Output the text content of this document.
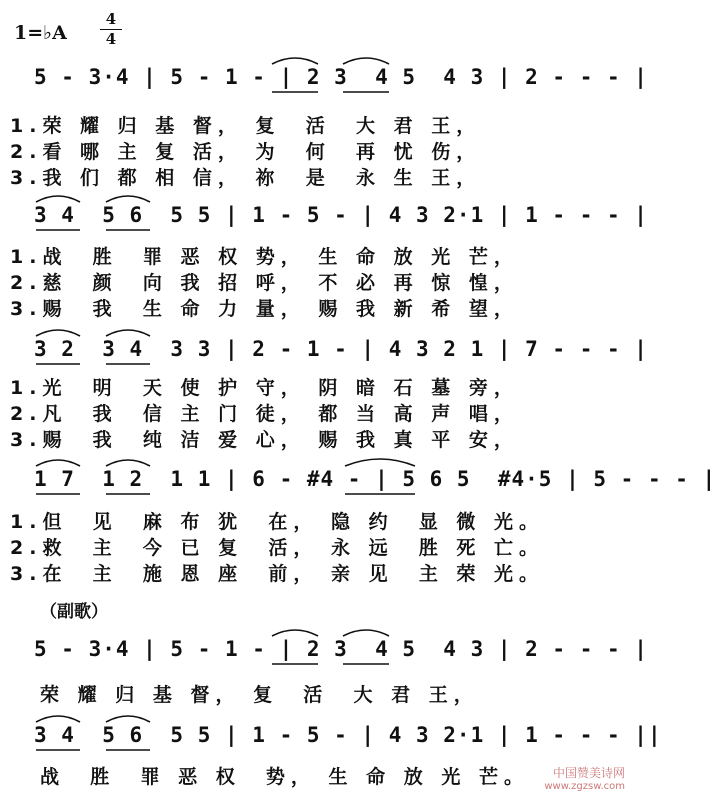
1=♭A
4
4
5 - 3·4 | 5 - 1 - | 2 3  4 5  4 3 | 2 - - - |
1.荣 耀 归 基 督， 复  活  大 君 王，
2.看 哪 主 复 活， 为  何  再 忧 伤，
3.我 们 都 相 信， 祢  是  永 生 王，
3 4  5 6  5 5 | 1 - 5 - | 4 3 2·1 | 1 - - - |
1.战  胜  罪 恶 权 势， 生 命 放 光 芒，
2.慈  颜  向 我 招 呼， 不 必 再 惊 惶，
3.赐  我  生 命 力 量， 赐 我 新 希 望，
3 2  3 4  3 3 | 2 - 1 - | 4 3 2 1 | 7 - - - |
1.光  明  天 使 护 守， 阴 暗 石 墓 旁，
2.凡  我  信 主 门 徒， 都 当 高 声 唱，
3.赐  我  纯 洁 爱 心， 赐 我 真 平 安，
1 7  1 2  1 1 | 6 - #4 - | 5 6 5  #4·5 | 5 - - - |
1.但  见  麻 布 犹  在， 隐 约  显 微 光。
2.救  主  今 已 复  活， 永 远  胜 死 亡。
3.在  主  施 恩 座  前， 亲 见  主 荣 光。
（副歌）
5 - 3·4 | 5 - 1 - | 2 3  4 5  4 3 | 2 - - - |
荣 耀 归 基 督， 复  活  大 君 王，
3 4  5 6  5 5 | 1 - 5 - | 4 3 2·1 | 1 - - - ||
战  胜  罪 恶 权  势， 生 命 放 光 芒。	中国赞美诗网
www.zgzsw.com
